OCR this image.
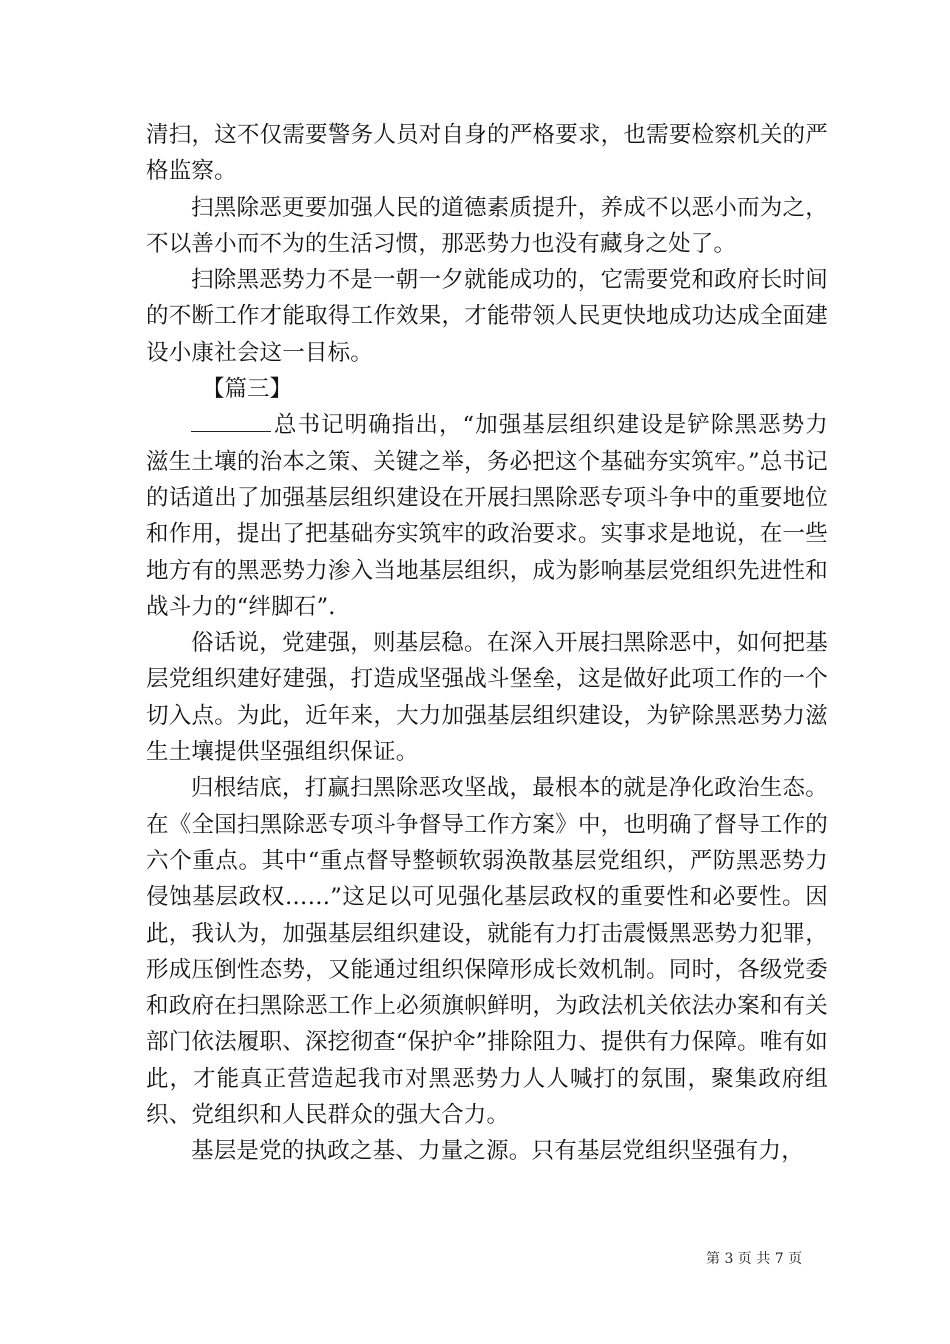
清扫，这不仅需要警务人员对自身的严格要求，也需要检察机关的严格监察。

扫黑除恶更要加强人民的道德素质提升，养成不以恶小而为之，不以善小而不为的生活习惯，那恶势力也没有藏身之处了。

扫除黑恶势力不是一朝一夕就能成功的，它需要党和政府长时间的不断工作才能取得工作效果，才能带领人民更快地成功达成全面建设小康社会这一目标。

【篇三】

总书记明确指出，“加强基层组织建设是铲除黑恶势力滋生土壤的治本之策、关键之举，务必把这个基础夯实筑牢。”总书记的话道出了加强基层组织建设在开展扫黑除恶专项斗争中的重要地位和作用，提出了把基础夯实筑牢的政治要求。实事求是地说，在一些地方有的黑恶势力渗入当地基层组织，成为影响基层党组织先进性和战斗力的“绊脚石”.

俗话说，党建强，则基层稳。在深入开展扫黑除恶中，如何把基层党组织建好建强，打造成坚强战斗堡垒，这是做好此项工作的一个切入点。为此，近年来，大力加强基层组织建设，为铲除黑恶势力滋生土壤提供坚强组织保证。

归根结底，打赢扫黑除恶攻坚战，最根本的就是净化政治生态。在《全国扫黑除恶专项斗争督导工作方案》中，也明确了督导工作的六个重点。其中“重点督导整顿软弱涣散基层党组织，严防黑恶势力侵蚀基层政权……”这足以可见强化基层政权的重要性和必要性。因此，我认为，加强基层组织建设，就能有力打击震慑黑恶势力犯罪，形成压倒性态势，又能通过组织保障形成长效机制。同时，各级党委和政府在扫黑除恶工作上必须旗帜鲜明，为政法机关依法办案和有关部门依法履职、深挖彻查“保护伞”排除阻力、提供有力保障。唯有如此，才能真正营造起我市对黑恶势力人人喊打的氛围，聚集政府组织、党组织和人民群众的强大合力。

基层是党的执政之基、力量之源。只有基层党组织坚强有力，

第 3 页 共 7 页
